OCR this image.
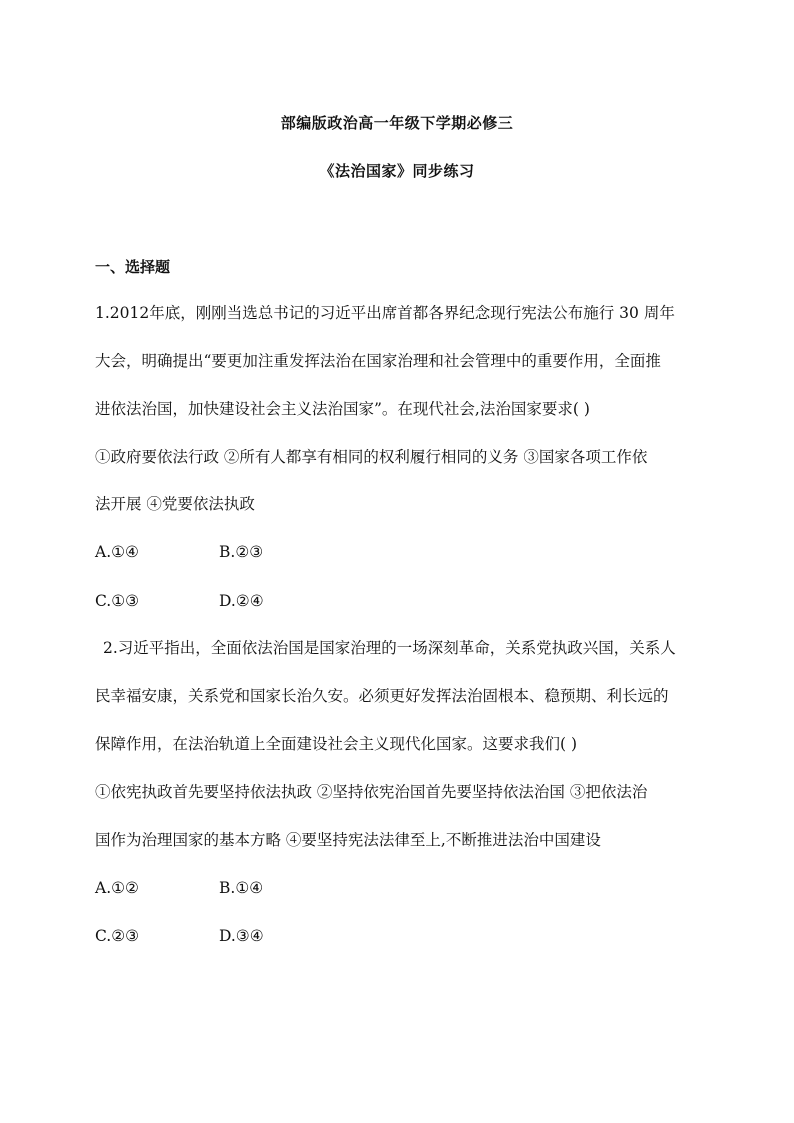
部编版政治高一年级下学期必修三
《法治国家》同步练习
一、选择题
1.2012年底，刚刚当选总书记的习近平出席首都各界纪念现行宪法公布施行 30 周年
大会，明确提出“要更加注重发挥法治在国家治理和社会管理中的重要作用，全面推
进依法治国，加快建设社会主义法治国家”。在现代社会,法治国家要求( )
①政府要依法行政 ②所有人都享有相同的权利履行相同的义务 ③国家各项工作依
法开展 ④党要依法执政
A.①④	B.②③
C.①③	D.②④
2.习近平指出，全面依法治国是国家治理的一场深刻革命，关系党执政兴国，关系人
民幸福安康，关系党和国家长治久安。必须更好发挥法治固根本、稳预期、利长远的
保障作用，在法治轨道上全面建设社会主义现代化国家。这要求我们( )
①依宪执政首先要坚持依法执政 ②坚持依宪治国首先要坚持依法治国 ③把依法治
国作为治理国家的基本方略 ④要坚持宪法法律至上,不断推进法治中国建设
A.①②	B.①④
C.②③	D.③④
